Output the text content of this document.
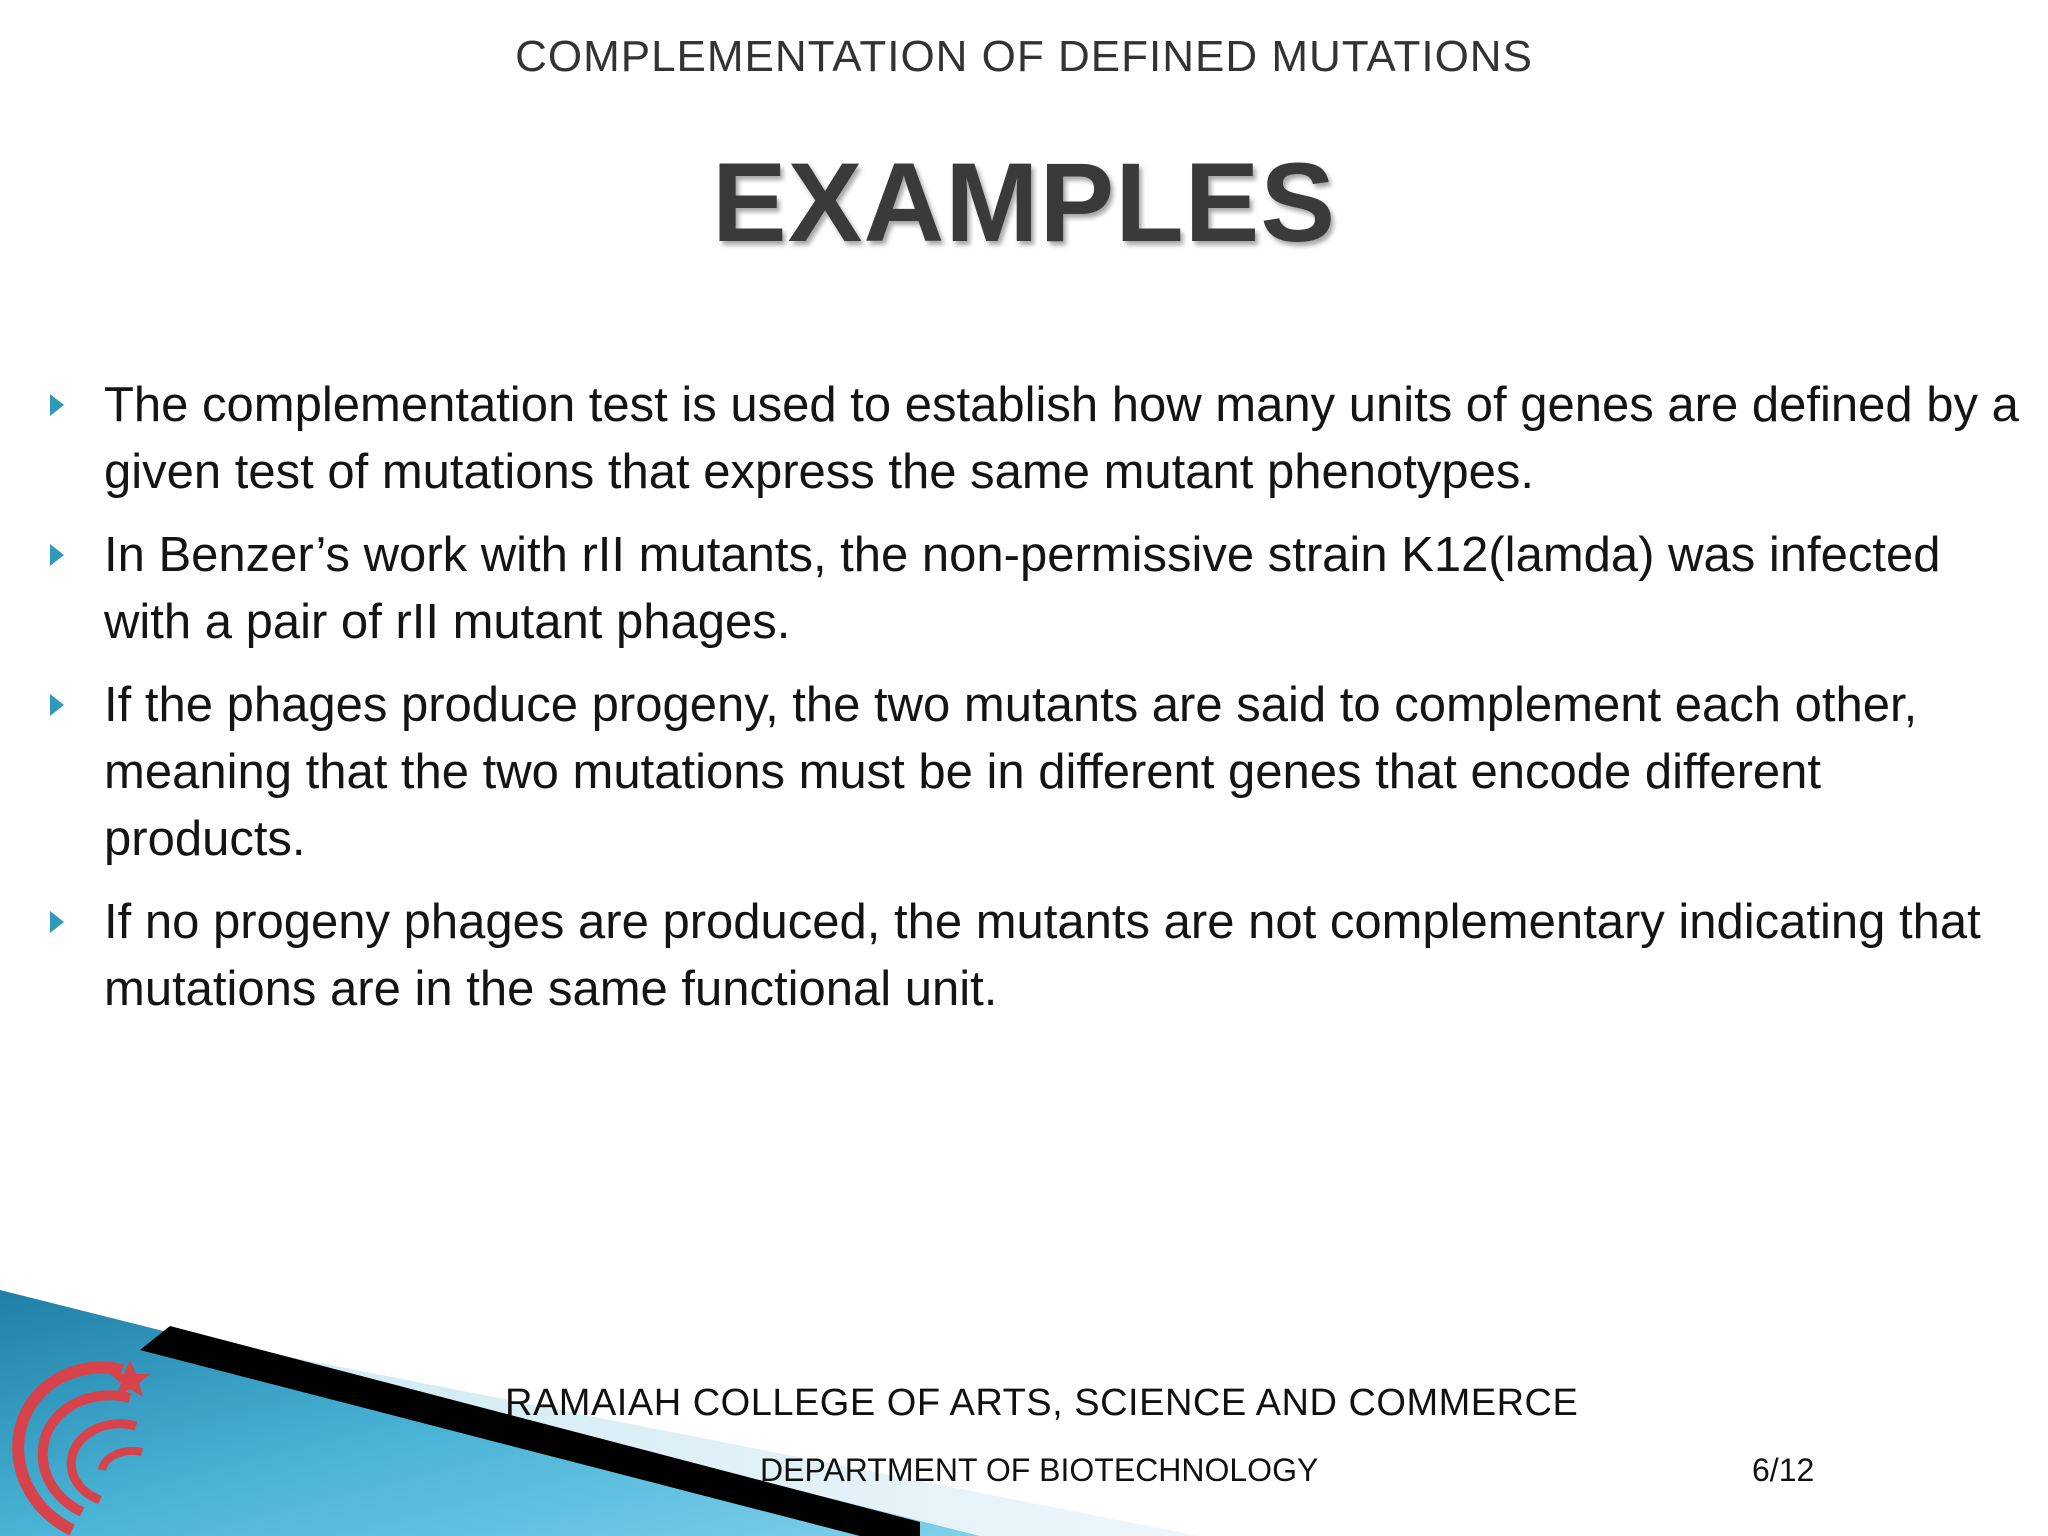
COMPLEMENTATION OF DEFINED MUTATIONS
EXAMPLES
The complementation test is used to establish how many units of genes are defined by a given test of mutations that express the same mutant phenotypes.
In Benzer’s work with rII mutants, the non-permissive strain K12(lamda) was infected with a pair of rII mutant phages.
If the phages produce progeny, the two mutants are said to complement each other, meaning that the two mutations must be in different genes that encode different products.
If no progeny phages are produced, the mutants are not complementary indicating that mutations are in the same functional unit.
RAMAIAH COLLEGE OF ARTS, SCIENCE AND COMMERCE
DEPARTMENT OF BIOTECHNOLOGY	6/12
